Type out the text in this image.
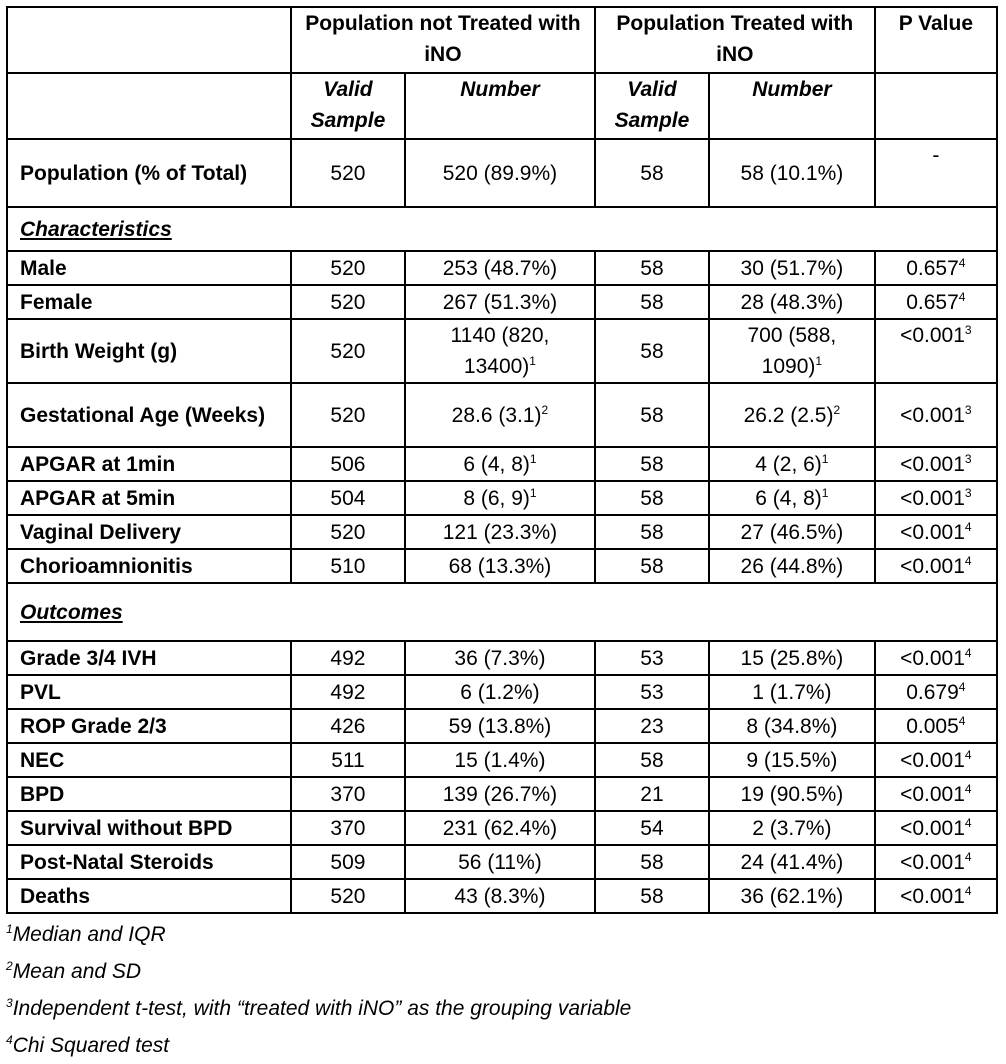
	Population not Treated with iNO		Population Treated with iNO		P Value
	Valid Sample	Number	Valid Sample	Number	
Population (% of Total)	520	520 (89.9%)	58	58 (10.1%)	-
Characteristics					
Male	520	253 (48.7%)	58	30 (51.7%)	0.657$^4$
Female	520	267 (51.3%)	58	28 (48.3%)	0.657$^4$
Birth Weight (g)	520	1140 (820, 13400)$^1$	58	700 (588, 1090)$^1$	$<0.001^3$
Gestational Age (Weeks)	520	28.6 $(3.1)^2$	58	26.2 $(2.5)^2$	$<0.001^3$
APGAR at 1min	506	6 (4, 8)$^1$	58	4 (2, 6)$^1$	$<0.001^3$
APGAR at 5min	504	8 (6, 9)$^1$	58	6 (4, 8)$^1$	$<0.001^3$
Vaginal Delivery	520	121 (23.3%)	58	27 (46.5%)	$<0.001^4$
Chorioamnionitis	510	68 (13.3%)	58	26 (44.8%)	$<0.001^4$
Outcomes					
Grade 3/4 IVH	492	36 (7.3%)	53	15 (25.8%)	$<0.001^4$
PVL	492	6 (1.2%)	53	1 (1.7%)	0.679$^4$
ROP Grade 2/3	426	59 (13.8%)	23	8 (34.8%)	0.005$^4$
NEC	511	15 (1.4%)	58	9 (15.5%)	$<0.001^4$
BPD	370	139 (26.7%)	21	19 (90.5%)	$<0.001^4$
Survival without BPD	370	231 (62.4%)	54	2 (3.7%)	$<0.001^4$
Post-Natal Steroids	509	56 (11%)	58	24 (41.4%)	$<0.001^4$
Deaths	520	43 (8.3%)	58	36 (62.1%)	$<0.001^4$
$^1$Median and IQR
$^2$Mean and SD
$^3$Independent t-test, with “treated with iNO” as the grouping variable
$^4$Chi Squared test
